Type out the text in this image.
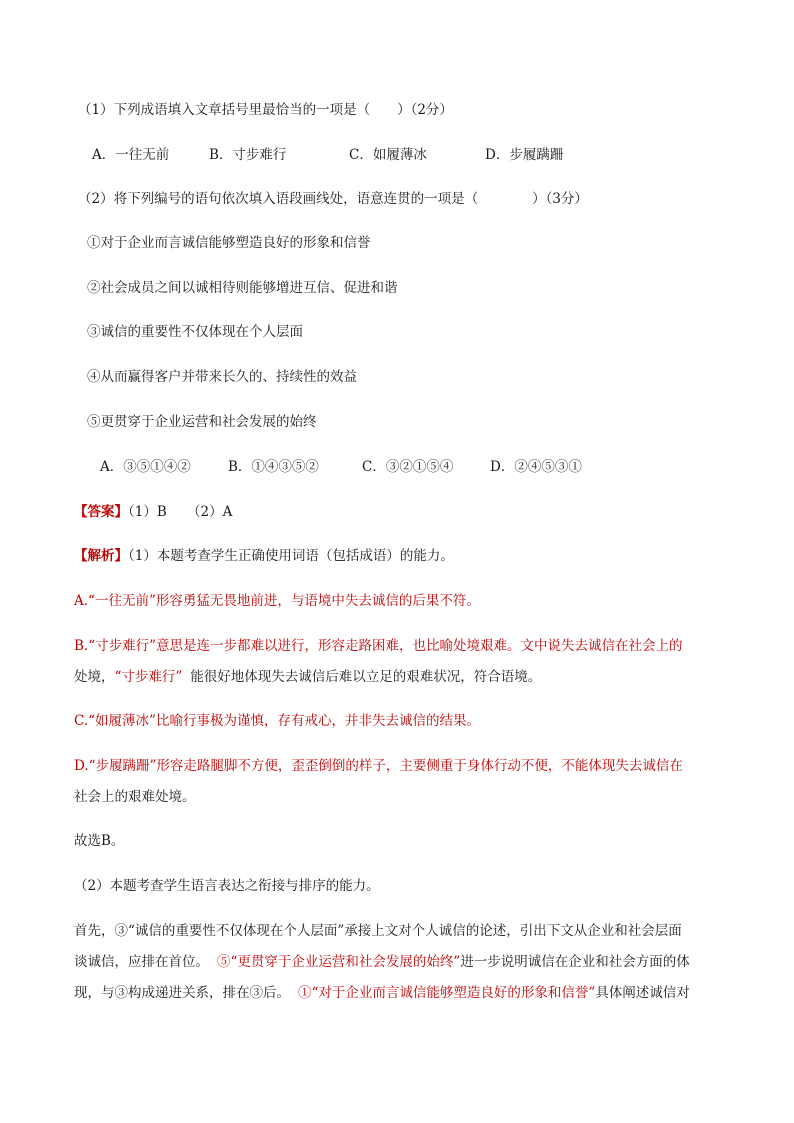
（1）下列成语填入文章括号里最恰当的一项是（　　）（2分）
A．一往无前	B．寸步难行	C．如履薄冰	D．步履蹒跚
（2）将下列编号的语句依次填入语段画线处，语意连贯的一项是（　　　　）（3分）
①对于企业而言诚信能够塑造良好的形象和信誉
②社会成员之间以诚相待则能够增进互信、促进和谐
③诚信的重要性不仅体现在个人层面
④从而赢得客户并带来长久的、持续性的效益
⑤更贯穿于企业运营和社会发展的始终
A．③⑤①④②	B．①④③⑤②	C．③②①⑤④	D．②④⑤③①
【答案】（1）B　　（2）A
【解析】（1）本题考查学生正确使用词语（包括成语）的能力。
A.“一往无前”形容勇猛无畏地前进，与语境中失去诚信的后果不符。
B.“寸步难行”意思是连一步都难以进行，形容走路困难，也比喻处境艰难。文中说失去诚信在社会上的
处境，“寸步难行” 能很好地体现失去诚信后难以立足的艰难状况，符合语境。
C.“如履薄冰”比喻行事极为谨慎，存有戒心，并非失去诚信的结果。
D.“步履蹒跚”形容走路腿脚不方便，歪歪倒倒的样子，主要侧重于身体行动不便，不能体现失去诚信在
社会上的艰难处境。
故选B。
（2）本题考查学生语言表达之衔接与排序的能力。
首先，③“诚信的重要性不仅体现在个人层面”承接上文对个人诚信的论述，引出下文从企业和社会层面
谈诚信，应排在首位。 ⑤“更贯穿于企业运营和社会发展的始终”进一步说明诚信在企业和社会方面的体
现，与③构成递进关系，排在③后。 ①“对于企业而言诚信能够塑造良好的形象和信誉”具体阐述诚信对
